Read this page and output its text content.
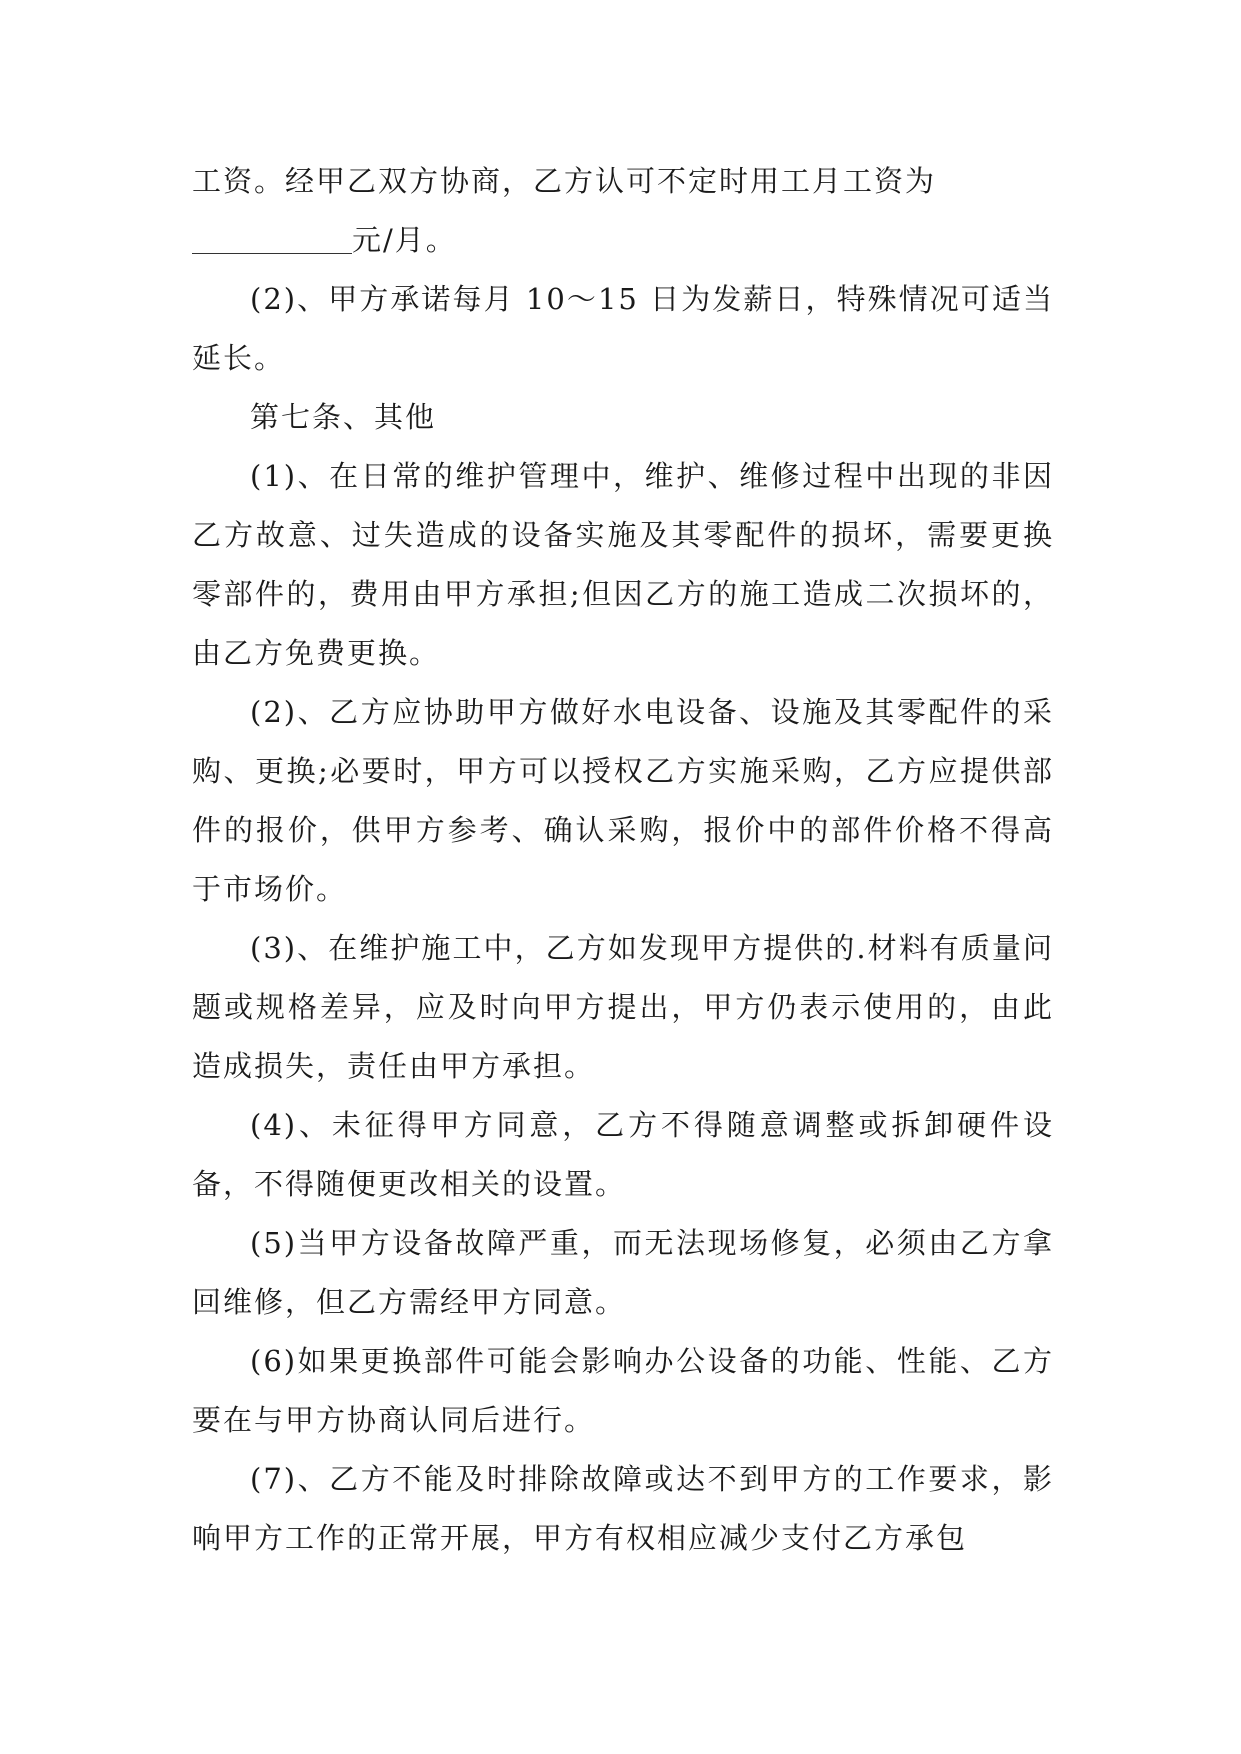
工资。经甲乙双方协商，乙方认可不定时用工月工资为
元/月。

(2)、甲方承诺每月 10～15 日为发薪日，特殊情况可适当延长。

第七条、其他

(1)、在日常的维护管理中，维护、维修过程中出现的非因乙方故意、过失造成的设备实施及其零配件的损坏，需要更换零部件的，费用由甲方承担;但因乙方的施工造成二次损坏的，由乙方免费更换。

(2)、乙方应协助甲方做好水电设备、设施及其零配件的采购、更换;必要时，甲方可以授权乙方实施采购，乙方应提供部件的报价，供甲方参考、确认采购，报价中的部件价格不得高于市场价。

(3)、在维护施工中，乙方如发现甲方提供的.材料有质量问题或规格差异，应及时向甲方提出，甲方仍表示使用的，由此造成损失，责任由甲方承担。

(4)、未征得甲方同意，乙方不得随意调整或拆卸硬件设备，不得随便更改相关的设置。

(5)当甲方设备故障严重，而无法现场修复，必须由乙方拿回维修，但乙方需经甲方同意。

(6)如果更换部件可能会影响办公设备的功能、性能、乙方要在与甲方协商认同后进行。

(7)、乙方不能及时排除故障或达不到甲方的工作要求，影响甲方工作的正常开展，甲方有权相应减少支付乙方承包
